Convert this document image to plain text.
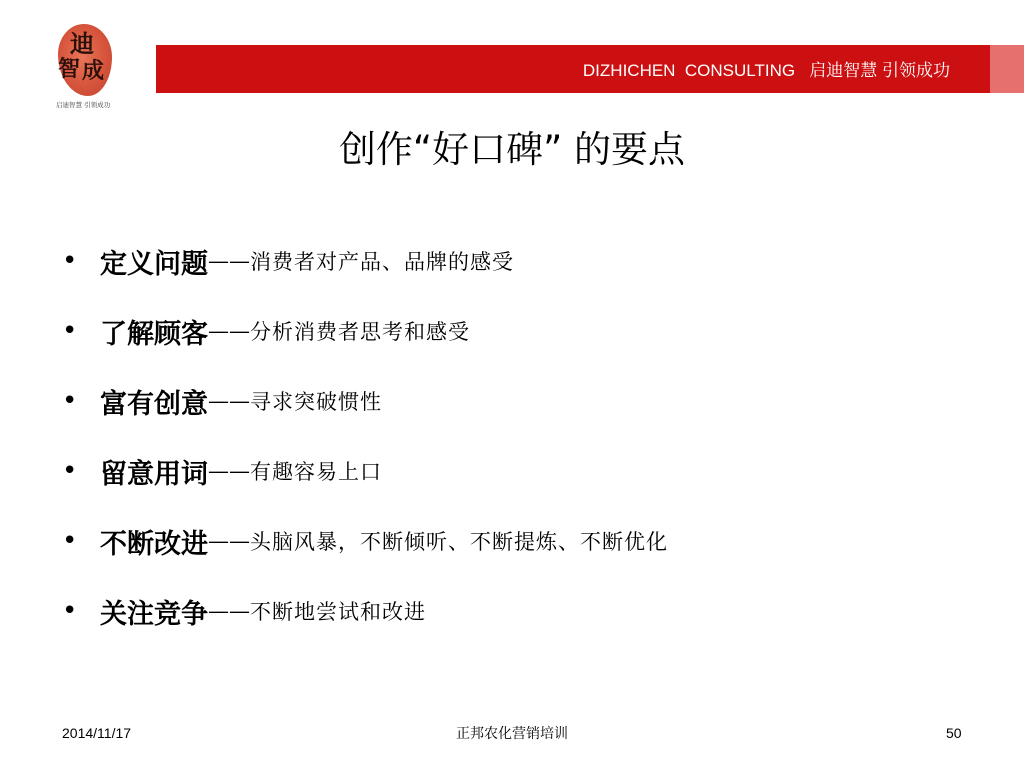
迪
智 成
启迪智慧 引领成功
DIZHICHEN  CONSULTING   启迪智慧 引领成功
创作“好口碑” 的要点
• 定义问题 —— 消费者对产品、品牌的感受
• 了解顾客 —— 分析消费者思考和感受
• 富有创意 —— 寻求突破惯性
• 留意用词 —— 有趣容易上口
• 不断改进 —— 头脑风暴，不断倾听、不断提炼、不断优化
• 关注竞争 —— 不断地尝试和改进
2014/11/17	正邦农化营销培训	50
